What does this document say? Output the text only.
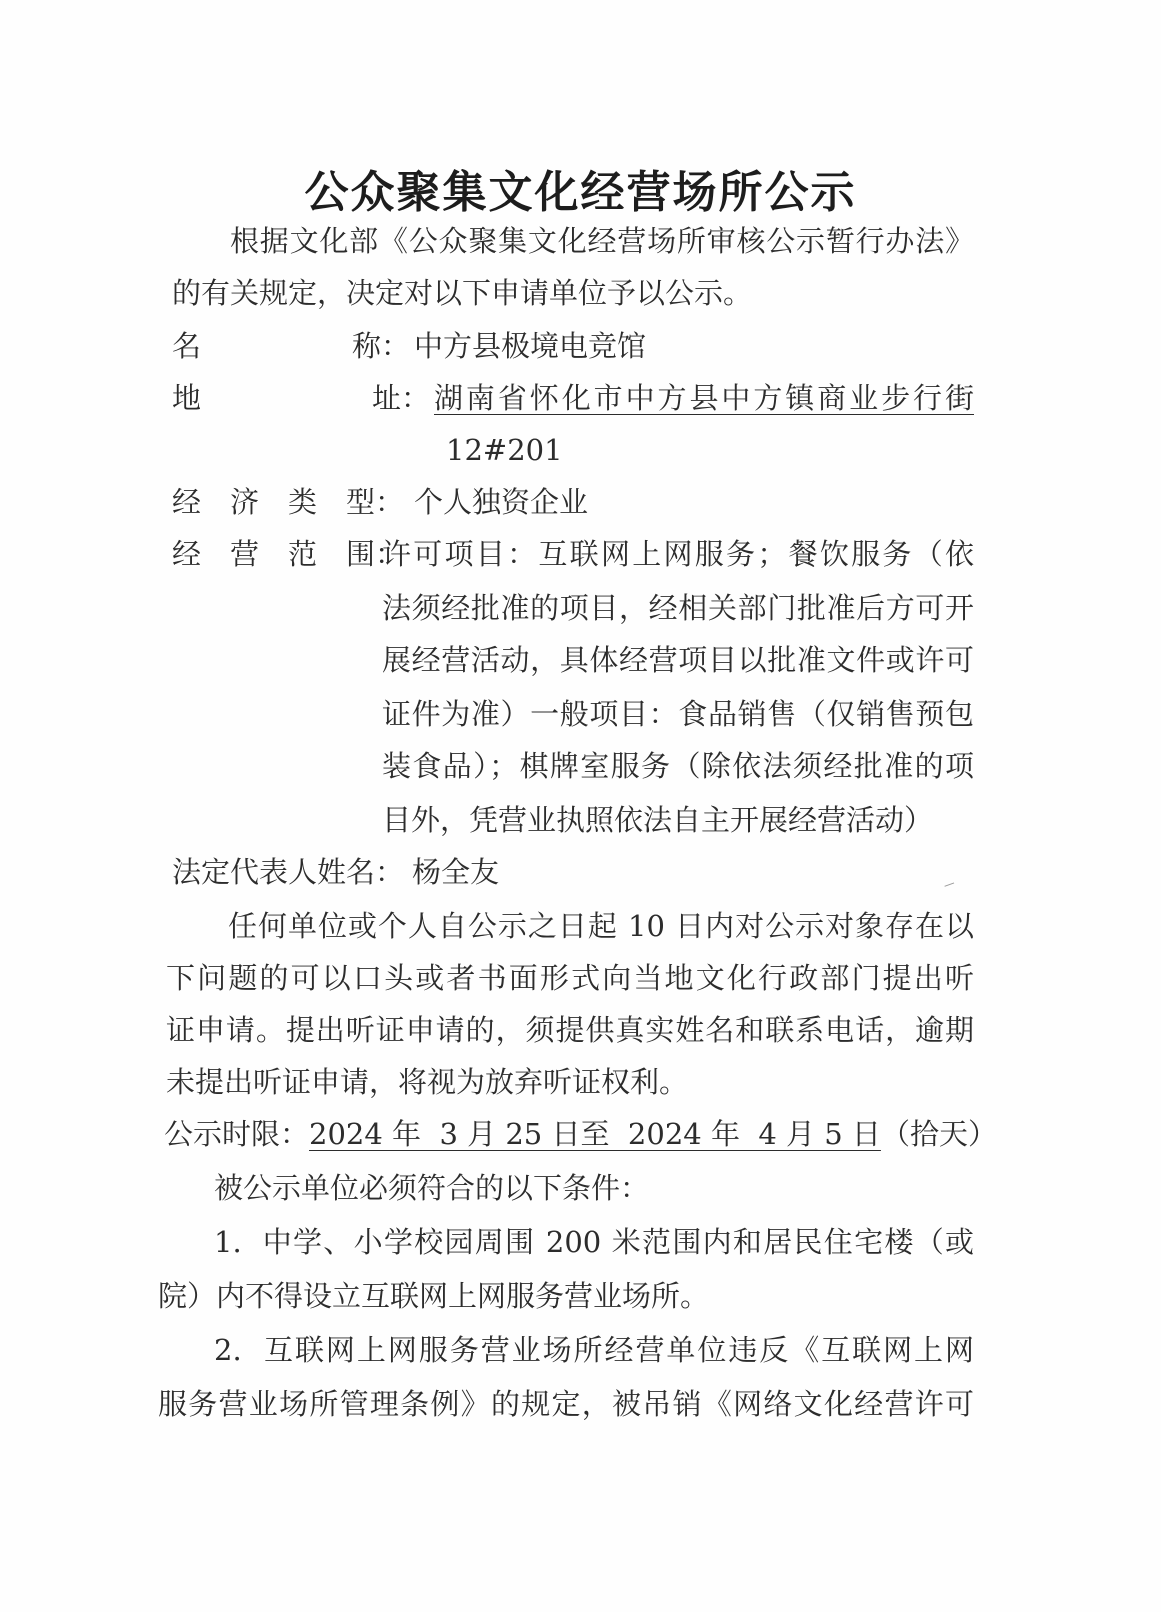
公众聚集文化经营场所公示
根据文化部《公众聚集文化经营场所审核公示暂行办法》
的有关规定，决定对以下申请单位予以公示。
名	称： 中方县极境电竞馆
地	址： 湖南省怀化市中方县中方镇商业步行街
12#201
经　济　类　型： 个人独资企业
经　营　范　围：
许可项目：互联网上网服务；餐饮服务（依
法须经批准的项目，经相关部门批准后方可开
展经营活动，具体经营项目以批准文件或许可
证件为准）一般项目：食品销售（仅销售预包
装食品）；棋牌室服务（除依法须经批准的项
目外，凭营业执照依法自主开展经营活动）
法定代表人姓名： 杨全友
任何单位或个人自公示之日起 10 日内对公示对象存在以
下问题的可以口头或者书面形式向当地文化行政部门提出听
证申请。提出听证申请的，须提供真实姓名和联系电话，逾期
未提出听证申请，将视为放弃听证权利。
公示时限：2024 年  3 月 25 日至  2024 年  4 月 5 日（拾天）
被公示单位必须符合的以下条件：
1.  中学、小学校园周围 200 米范围内和居民住宅楼（或
院）内不得设立互联网上网服务营业场所。
2.  互联网上网服务营业场所经营单位违反《互联网上网
服务营业场所管理条例》的规定，被吊销《网络文化经营许可
